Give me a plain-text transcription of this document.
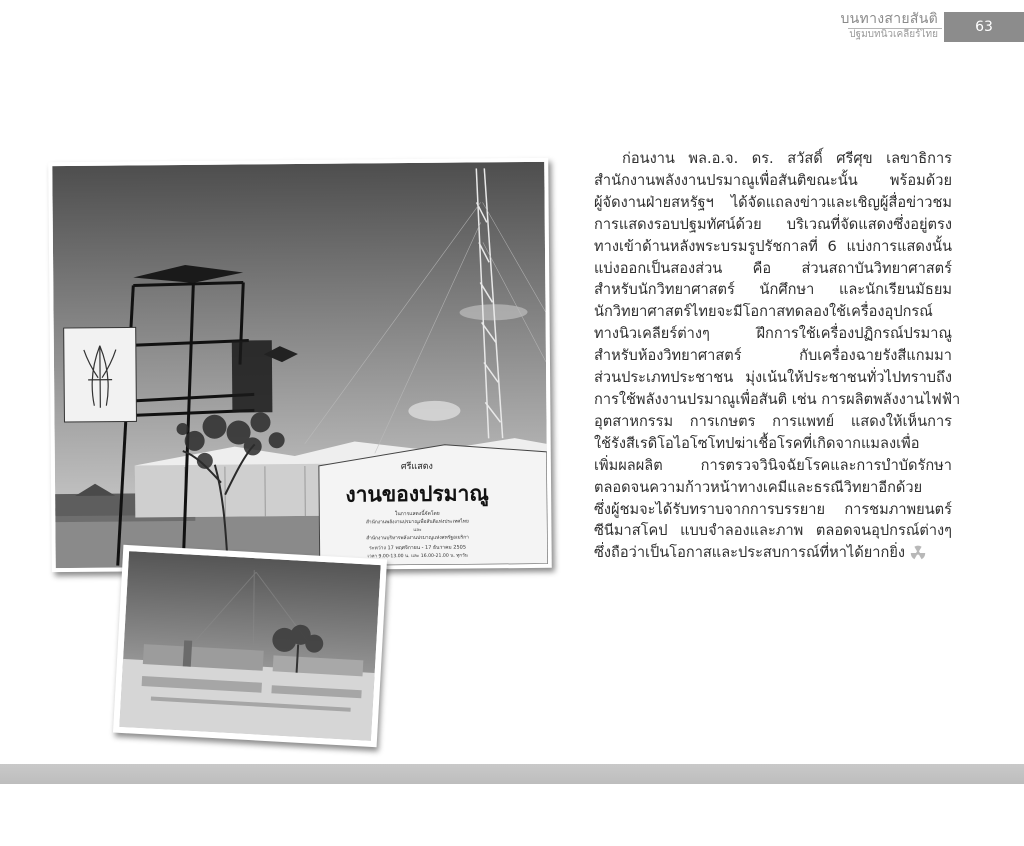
บนทางสายสันติ
ปฐมบทนิวเคลียร์ไทย	63
ศรีแสดง
งานของปรมาณู
ในการแสดงนี้จัดโดย
สำนักงานพลังงานปรมาณูเพื่อสันติแห่งประเทศไทย
และ
สำนักงานบริหารพลังงานปรมาณูแห่งสหรัฐอเมริกา
ระหว่าง 17 พฤศจิกายน - 17 ธันวาคม 2505
เวลา 9.00-13.00 น. และ 16.00-21.00 น. ทุกวัน
ก่อนงาน พล.อ.จ. ดร. สวัสดิ์ ศรีศุข เลขาธิการ
สำนักงานพลังงานปรมาณูเพื่อสันติขณะนั้น พร้อมด้วย
ผู้จัดงานฝ่ายสหรัฐฯ ได้จัดแถลงข่าวและเชิญผู้สื่อข่าวชม
การแสดงรอบปฐมทัศน์ด้วย บริเวณที่จัดแสดงซึ่งอยู่ตรง
ทางเข้าด้านหลังพระบรมรูปรัชกาลที่ 6 แบ่งการแสดงนั้น
แบ่งออกเป็นสองส่วน คือ ส่วนสถาบันวิทยาศาสตร์
สำหรับนักวิทยาศาสตร์ นักศึกษา และนักเรียนมัธยม
นักวิทยาศาสตร์ไทยจะมีโอกาสทดลองใช้เครื่องอุปกรณ์
ทางนิวเคลียร์ต่างๆ ฝึกการใช้เครื่องปฏิกรณ์ปรมาณู
สำหรับห้องวิทยาศาสตร์ กับเครื่องฉายรังสีแกมมา
ส่วนประเภทประชาชน มุ่งเน้นให้ประชาชนทั่วไปทราบถึง
การใช้พลังงานปรมาณูเพื่อสันติ เช่น การผลิตพลังงานไฟฟ้า
อุตสาหกรรม การเกษตร การแพทย์ แสดงให้เห็นการ
ใช้รังสีเรดิโอไอโซโทปฆ่าเชื้อโรคที่เกิดจากแมลงเพื่อ
เพิ่มผลผลิต การตรวจวินิจฉัยโรคและการบำบัดรักษา
ตลอดจนความก้าวหน้าทางเคมีและธรณีวิทยาอีกด้วย
ซึ่งผู้ชมจะได้รับทราบจากการบรรยาย การชมภาพยนตร์
ซีนีมาสโคป แบบจำลองและภาพ ตลอดจนอุปกรณ์ต่างๆ
ซึ่งถือว่าเป็นโอกาสและประสบการณ์ที่หาได้ยากยิ่ง
